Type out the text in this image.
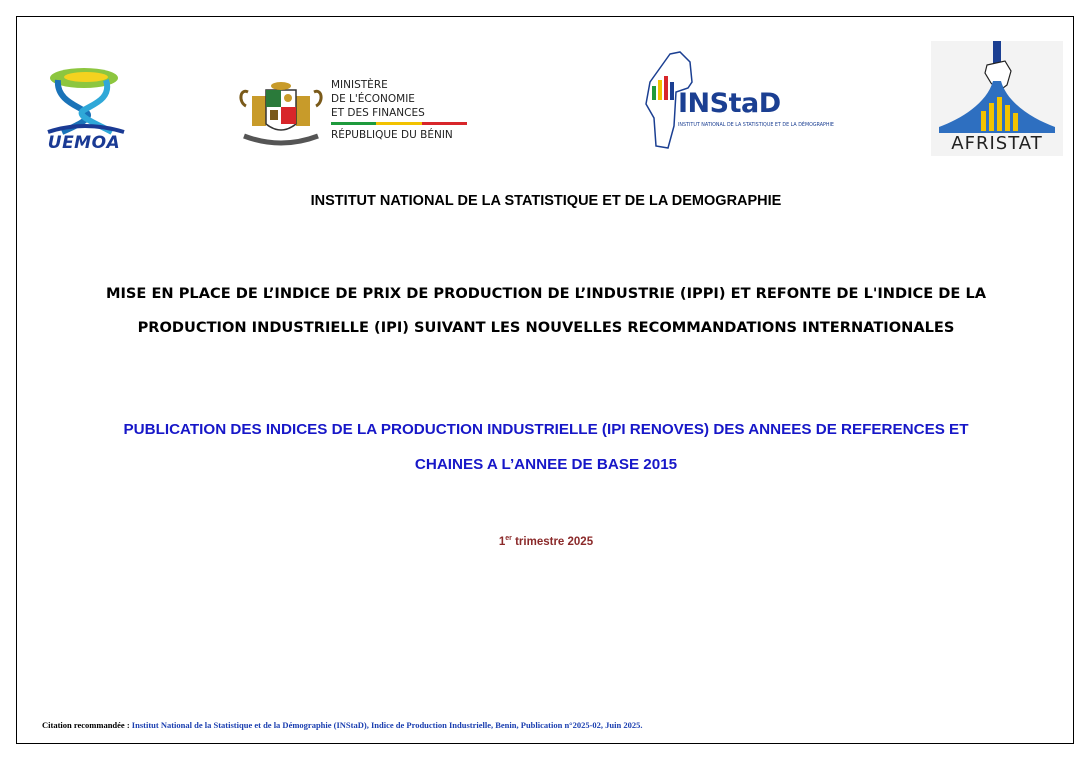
UEMOA
MINISTÈRE
DE L'ÉCONOMIE
ET DES FINANCES
RÉPUBLIQUE DU BÉNIN
INStaD
INSTITUT NATIONAL DE LA STATISTIQUE ET DE LA DÉMOGRAPHIE
AFRISTAT
INSTITUT NATIONAL DE LA STATISTIQUE ET DE LA DEMOGRAPHIE
MISE EN PLACE DE L’INDICE DE PRIX DE PRODUCTION DE L’INDUSTRIE (IPPI) ET REFONTE DE L'INDICE DE LA
PRODUCTION INDUSTRIELLE (IPI) SUIVANT LES NOUVELLES RECOMMANDATIONS INTERNATIONALES
PUBLICATION DES INDICES DE LA PRODUCTION INDUSTRIELLE (IPI RENOVES) DES ANNEES DE REFERENCES ET
CHAINES A L’ANNEE DE BASE 2015
1er trimestre 2025
Citation recommandée : Institut National de la Statistique et de la Démographie (INStaD), Indice de Production Industrielle, Benin, Publication n°2025-02, Juin 2025.
